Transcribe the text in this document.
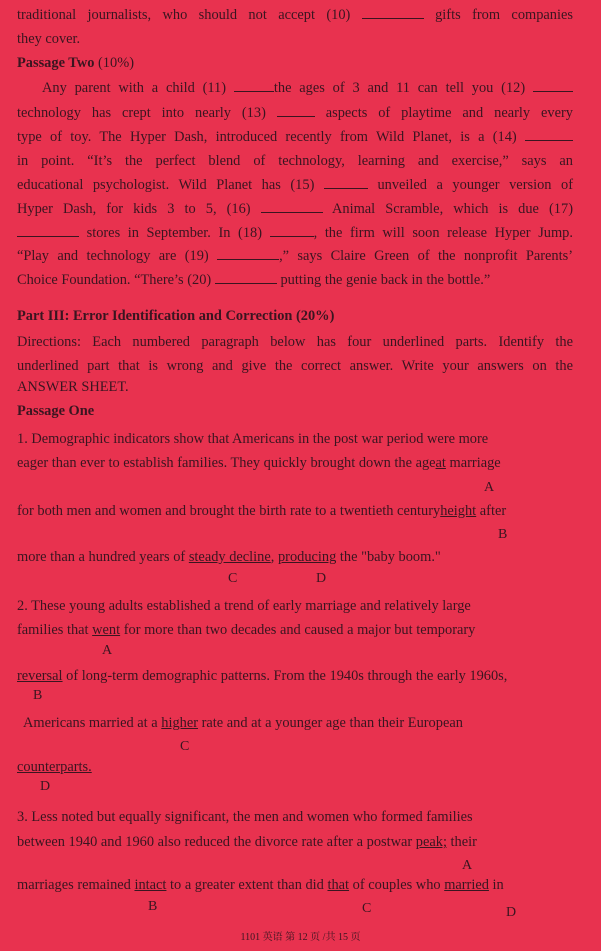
traditional journalists, who should not accept (10)	gifts from companies
they cover.
Passage Two (10%)
Any parent with a child (11)	the ages of 3 and 11 can tell you (12)
technology has crept into nearly (13)	aspects of playtime and nearly every
type of toy. The Hyper Dash, introduced recently from Wild Planet, is a (14)
in point. “It’s the perfect blend of technology, learning and exercise,” says an
educational psychologist. Wild Planet has (15)	unveiled a younger version of
Hyper Dash, for kids 3 to 5, (16)	Animal Scramble, which is due (17)
stores in September. In (18)	, the firm will soon release Hyper Jump.
“Play and technology are (19)	,” says Claire Green of the nonprofit Parents’
Choice Foundation. “There’s (20)	putting the genie back in the bottle.”
Part III: Error Identification and Correction (20%)
Directions: Each numbered paragraph below has four underlined parts. Identify the
underlined part that is wrong and give the correct answer. Write your answers on the
ANSWER SHEET.
Passage One
1. Demographic indicators show that Americans in the post war period were more
eager than ever to establish families. They quickly brought down the ageat marriage
A
for both men and women and brought the birth rate to a twentieth centuryheight after
B
more than a hundred years of steady decline, producing the "baby boom."
C	D
2. These young adults established a trend of early marriage and relatively large
families that went for more than two decades and caused a major but temporary
A
reversal of long-term demographic patterns. From the 1940s through the early 1960s,
B
Americans married at a higher rate and at a younger age than their European
C
counterparts.
D
3. Less noted but equally significant, the men and women who formed families
between 1940 and 1960 also reduced the divorce rate after a postwar peak; their
A
marriages remained intact to a greater extent than did that of couples who married in
B	C	D
1101 英语 第 12 页 /共 15 页
